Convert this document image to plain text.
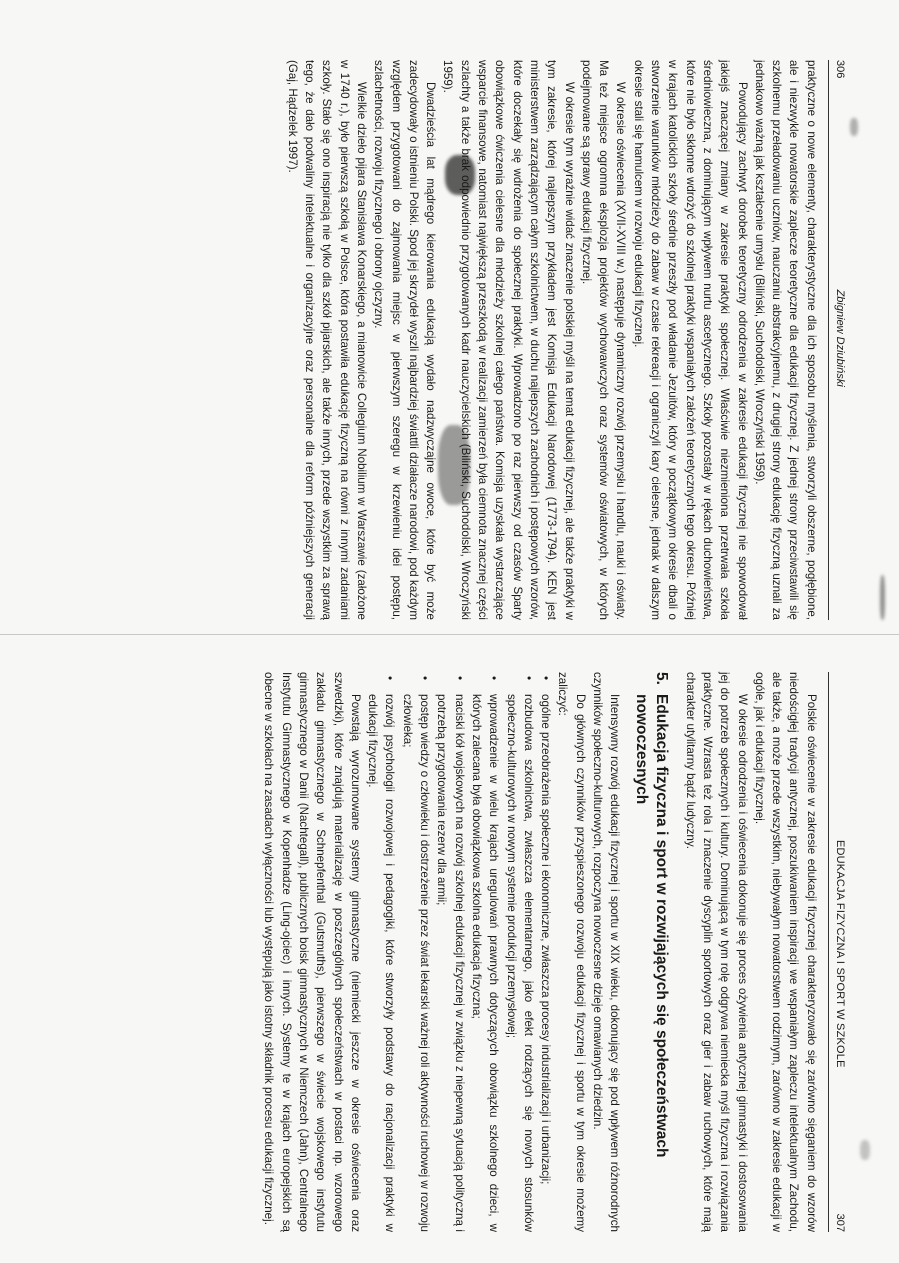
306
Zbigniew Dziubiński

praktyczne o nowe elementy, charakterystyczne dla ich sposobu myślenia, stworzyli obszerne, pogłębione, ale i niezwykle nowatorskie zaplecze teoretyczne dla edukacji fizycznej. Z jednej strony przeciwstawili się szkolnemu przeładowaniu uczniów, nauczaniu abstrakcyjnemu, z drugiej strony edukację fizyczną uznali za jednakowo ważną jak kształcenie umysłu (Biliński, Suchodolski, Wroczyński 1959).

Powodujący zachwyt dorobek teoretyczny odrodzenia w zakresie edukacji fizycznej nie spowodował jakiejś znaczącej zmiany w zakresie praktyki społecznej. Właściwie niezmieniona przetrwała szkoła średniowieczna, z dominującym wpływem nurtu ascetycznego. Szkoły pozostały w rękach duchowieństwa, które nie było skłonne wdrożyć do szkolnej praktyki wspaniałych założeń teoretycznych tego okresu. Później w krajach katolickich szkoły średnie przeszły pod władanie Jezuitów, który w początkowym okresie dbali o stworzenie warunków młodzieży do zabaw w czasie rekreacji i ograniczyli kary cielesne, jednak w dalszym okresie stali się hamulcem w rozwoju edukacji fizycznej.

W okresie oświecenia (XVII-XVIII w.) następuje dynamiczny rozwój przemysłu i handlu, nauki i oświaty. Ma też miejsce ogromna eksplozja projektów wychowawczych oraz systemów oświatowych, w których podejmowane są sprawy edukacji fizycznej.

W okresie tym wyraźnie widać znaczenie polskiej myśli na temat edukacji fizycznej, ale także praktyki w tym zakresie, której najlepszym przykładem jest Komisja Edukacji Narodowej (1773-1794). KEN jest ministerstwem zarządzającym całym szkolnictwem, w duchu najlepszych zachodnich i postępowych wzorów, które doczekały się wdrożenia do społecznej praktyki. Wprowadzono po raz pierwszy od czasów Sparty obowiązkowe ćwiczenia cielesne dla młodzieży szkolnej całego państwa. Komisja uzyskała wystarczające wsparcie finansowe, natomiast największą przeszkodą w realizacji zamierzeń była ciemnota znacznej części szlachty a także brak odpowiednio przygotowanych kadr nauczycielskich (Biliński, Suchodolski, Wroczyński 1959).

Dwadzieścia lat mądrego kierowania edukacją wydało nadzwyczajne owoce, które być może zadecydowały o istnieniu Polski. Spod jej skrzydeł wyszli najbardziej świattli działacze narodowi, pod każdym względem przygotowani do zajmowania miejsc w pierwszym szeregu w krzewieniu idei postępu, szlachetności, rozwoju fizycznego i obrony ojczyzny.

Wielkie dzieło pijara Stanisława Konarskiego, a mianowicie Collegium Nobilium w Warszawie (założone w 1740 r.), było pierwszą szkołą w Polsce, która postawiła edukację fizyczną na równi z innymi zadaniami szkoły. Stało się ono inspiracją nie tylko dla szkół pijarskich, ale także innych, przede wszystkim za sprawą tego, że dało podwaliny intelektualne i organizacyjne oraz personalne dla reform późniejszych generacji (Gaj, Hądzelek 1997).

EDUKACJA FIZYCZNA I SPORT W SZKOLE
307

Polskie oświecenie w zakresie edukacji fizycznej charakteryzowało się zarówno sięganiem do wzorów niedościgłej tradycji antycznej, poszukiwaniem inspiracji we wspaniałym zapleczu intelektualnym Zachodu, ale także, a może przede wszystkim, niebywałym nowatorstwem rodzimym, zarówno w zakresie edukacji w ogóle, jak i edukacji fizycznej.

W okresie odrodzenia i oświecenia dokonuje się proces ożywienia antycznej gimnastyki i dostosowania jej do potrzeb społecznych i kultury. Dominującą w tym rolę odgrywa niemiecka myśl fizyczna i rozwiązania praktyczne. Wzrasta też rola i znaczenie dyscyplin sportowych oraz gier i zabaw ruchowych, które mają charakter utylitarny bądź ludyczny.

5.
Edukacja fizyczna i sport w rozwijających się społeczeństwach nowoczesnych

Intensywny rozwój edukacji fizycznej i sportu w XIX wieku, dokonujący się pod wpływem różnorodnych czynników społeczno-kulturowych, rozpoczyna nowoczesne dzieje omawianych dziedzin.

Do głównych czynników przyspieszonego rozwoju edukacji fizycznej i sportu w tym okresie możemy zaliczyć:

• ogólne przeobrażenia społeczne i ekonomiczne, zwłaszcza procesy industrializacji i urbanizacji;
• rozbudowa szkolnictwa, zwłaszcza elementarnego, jako efekt rodzących się nowych stosunków społeczno-kulturowych w nowym systemie produkcji przemysłowej;
• wprowadzenie w wielu krajach uregulowań prawnych dotyczących obowiązku szkolnego dzieci, w których zalecana była obowiązkowa szkolna edukacja fizyczna;
• naciski kół wojskowych na rozwój szkolnej edukacji fizycznej w związku z niepewną sytuacją polityczną i potrzebą przygotowania rezerw dla armii;
• postęp wiedzy o człowieku i dostrzeżenie przez świat lekarski ważnej roli aktywności ruchowej w rozwoju człowieka;
• rozwój psychologii rozwojowej i pedagogiki, które stworzyły podstawy do racjonalizacji praktyki w edukacji fizycznej.

Powstają wyrozumowane systemy gimnastyczne (niemiecki jeszcze w okresie oświecenia oraz szwedzki), które znajdują materializację w poszczególnych społeczeństwach w postaci np. wzorowego zakładu gimnastycznego w Schnepfenthal (Gutsmuths), pierwszego w świecie wojskowego instytutu gimnastycznego w Danii (Nachtegall), publicznych boisk gimnastycznych w Niemczech (Jahn), Centralnego Instytutu Gimnastycznego w Kopenhadze (Ling-ojciec) i innych. Systemy te w krajach europejskich są obecne w szkołach na zasadach wyłączności lub występują jako istotny składnik procesu edukacji fizycznej.
